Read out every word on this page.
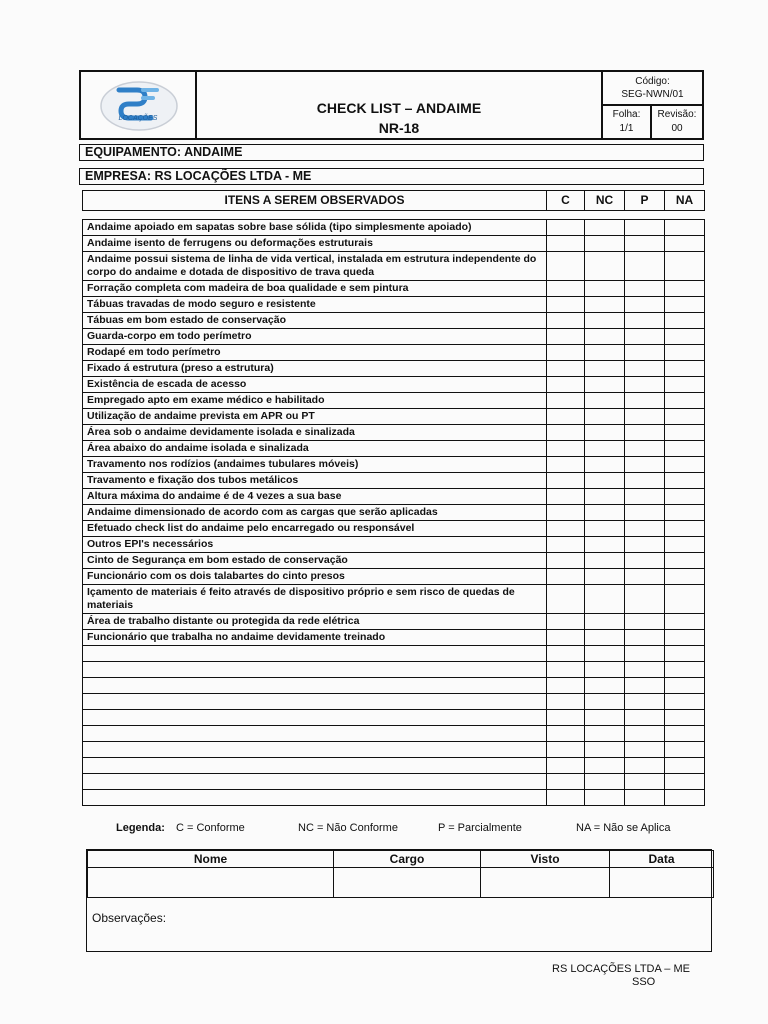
LOCAÇÕES
CHECK LIST – ANDAIME
NR-18
Código:
SEG-NWN/01
Folha:
1/1
Revisão:
00
EQUIPAMENTO: ANDAIME
EMPRESA: RS LOCAÇÕES LTDA - ME
ITENS A SEREM OBSERVADOS	C	NC	P	NA
Andaime apoiado em sapatas sobre base sólida (tipo simplesmente apoiado)				
Andaime isento de ferrugens ou deformações estruturais				
Andaime possui sistema de linha de vida vertical, instalada em estrutura independente do corpo do andaime e dotada de dispositivo de trava queda				
Forração completa com madeira de boa qualidade e sem pintura				
Tábuas travadas de modo seguro e resistente				
Tábuas em bom estado de conservação				
Guarda-corpo em todo perímetro				
Rodapé em todo perímetro				
Fixado á estrutura (preso a estrutura)				
Existência de escada de acesso				
Empregado apto em exame médico e habilitado				
Utilização de andaime prevista em APR ou PT				
Área sob o andaime devidamente isolada e sinalizada				
Área abaixo do andaime isolada e sinalizada				
Travamento nos rodízios (andaimes tubulares móveis)				
Travamento e fixação dos tubos metálicos				
Altura máxima do andaime é de 4 vezes a sua base				
Andaime dimensionado de acordo com as cargas que serão aplicadas				
Efetuado check list do andaime pelo encarregado ou responsável				
Outros EPI's necessários				
Cinto de Segurança em bom estado de conservação				
Funcionário com os dois talabartes do cinto presos				
Içamento de materiais é feito através de dispositivo próprio e sem risco de quedas de materiais				
Área de trabalho distante ou protegida da rede elétrica				
Funcionário que trabalha no andaime devidamente treinado				

Legenda: C = Conforme	NC = Não Conforme	P = Parcialmente	NA = Não se Aplica
Nome	Cargo	Visto	Data

Observações:
RS LOCAÇÕES LTDA – ME
SSO
